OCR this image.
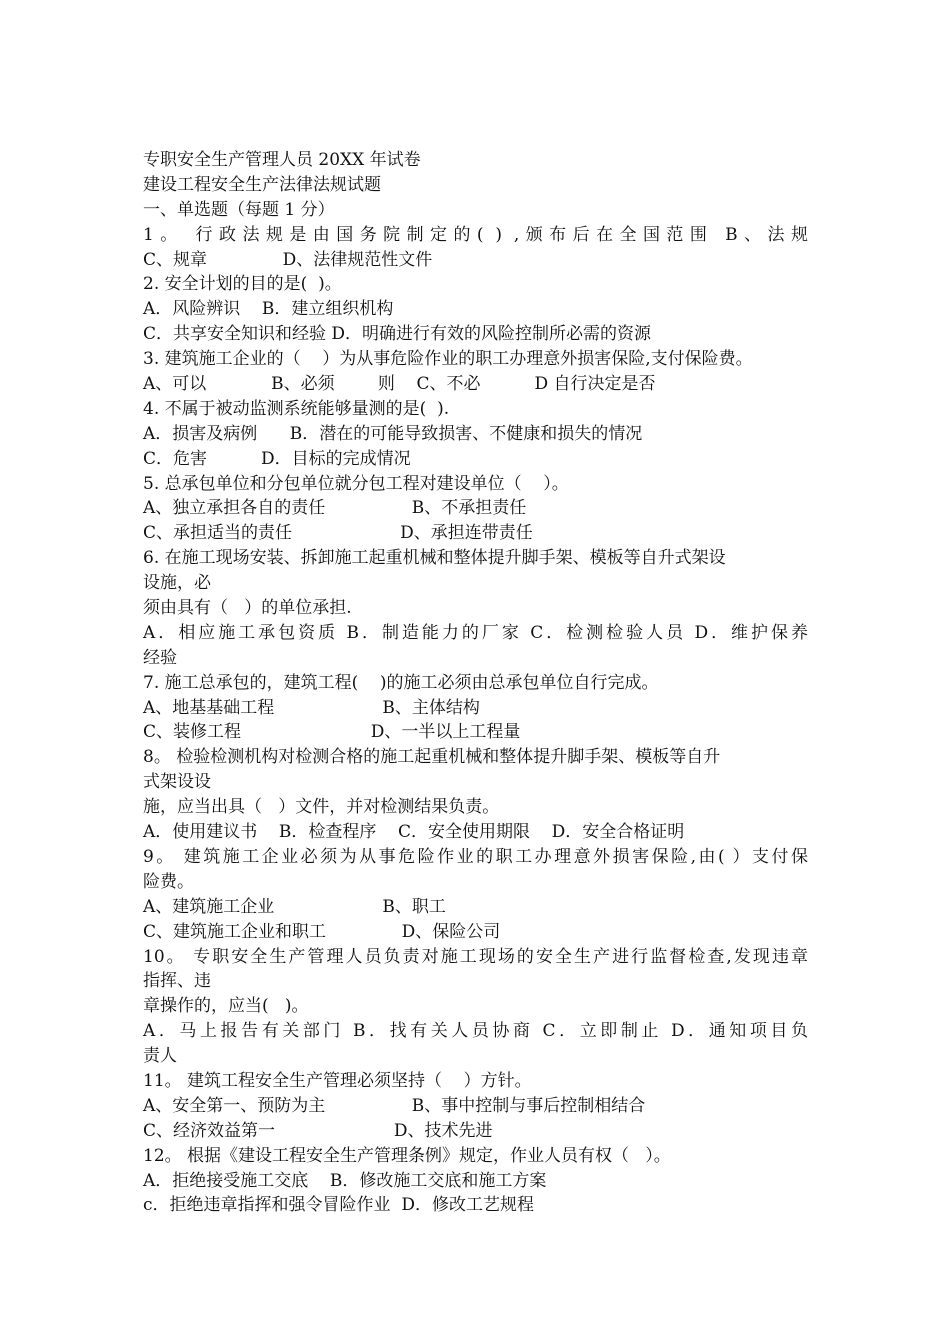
专职安全生产管理人员 20XX 年试卷
建设工程安全生产法律法规试题
一、单选题（每题 1 分）
1。 行政法规是由国务院制定的( ) ,颁布后在全国范围 B、法规
C、规章              D、法律规范性文件
2. 安全计划的目的是(  )。
A．风险辨识    B．建立组织机构
C．共享安全知识和经验 D．明确进行有效的风险控制所必需的资源
3. 建筑施工企业的（    ）为从事危险作业的职工办理意外损害保险,支付保险费。
A、可以            B、必须        则    C、不必          D 自行决定是否
4. 不属于被动监测系统能够量测的是(  ).
A．损害及病例      B．潜在的可能导致损害、不健康和损失的情况
C．危害          D．目标的完成情况
5. 总承包单位和分包单位就分包工程对建设单位（    ）。
A、独立承担各自的责任                B、不承担责任
C、承担适当的责任                    D、承担连带责任
6. 在施工现场安装、拆卸施工起重机械和整体提升脚手架、模板等自升式架设
设施，必
须由具有（   ）的单位承担.
A．相应施工承包资质 B．制造能力的厂家 C．检测检验人员 D．维护保养
经验
7. 施工总承包的，建筑工程(    )的施工必须由总承包单位自行完成。
A、地基基础工程                    B、主体结构
C、装修工程                        D、一半以上工程量
8。 检验检测机构对检测合格的施工起重机械和整体提升脚手架、模板等自升
式架设设
施，应当出具（   ）文件，并对检测结果负责。
A．使用建议书    B．检查程序    C．安全使用期限    D．安全合格证明
9。 建筑施工企业必须为从事危险作业的职工办理意外损害保险,由( ）支付保
险费。
A、建筑施工企业                    B、职工
C、建筑施工企业和职工              D、保险公司
10。 专职安全生产管理人员负责对施工现场的安全生产进行监督检查,发现违章
指挥、违
章操作的，应当(   )。
A．马上报告有关部门 B．找有关人员协商 C．立即制止 D．通知项目负
责人
11。 建筑工程安全生产管理必须坚持（    ）方针。
A、安全第一、预防为主                B、事中控制与事后控制相结合
C、经济效益第一                      D、技术先进
12。 根据《建设工程安全生产管理条例》规定，作业人员有权（   ）。
A．拒绝接受施工交底    B．修改施工交底和施工方案
c．拒绝违章指挥和强令冒险作业  D．修改工艺规程
